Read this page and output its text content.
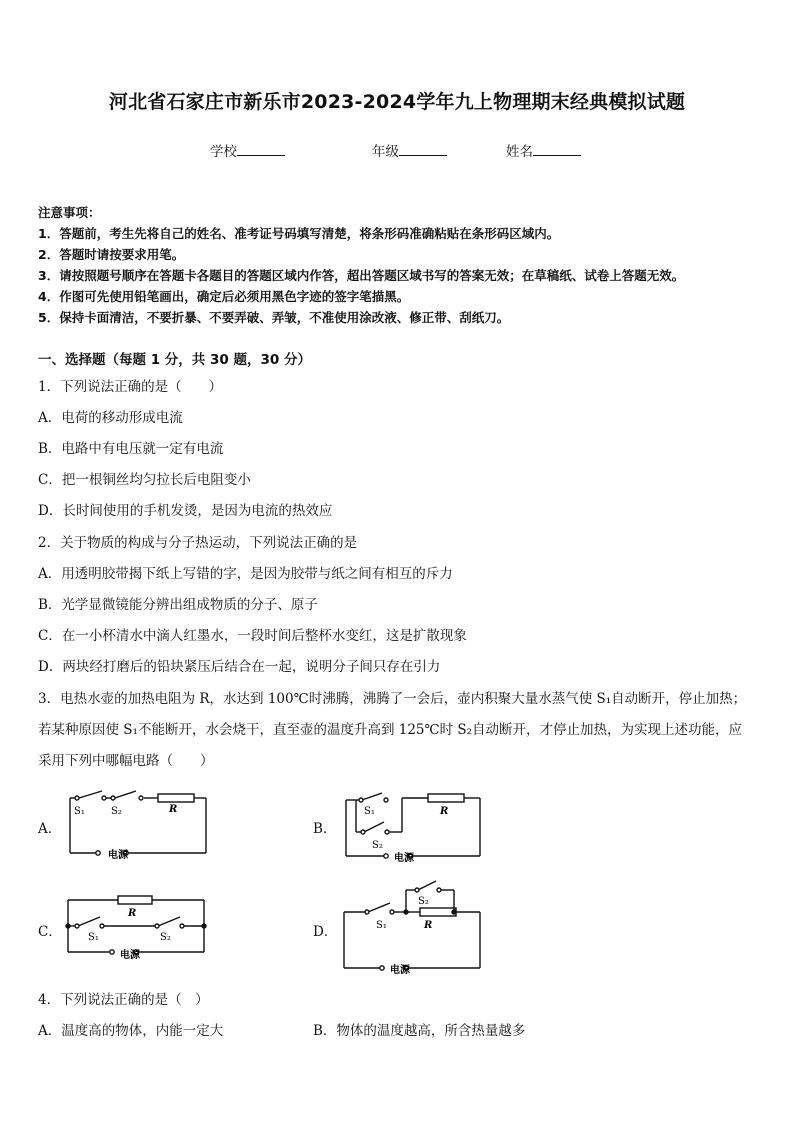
河北省石家庄市新乐市2023-2024学年九上物理期末经典模拟试题
学校	年级	姓名
注意事项：
1．答题前，考生先将自己的姓名、准考证号码填写清楚，将条形码准确粘贴在条形码区域内。
2．答题时请按要求用笔。
3．请按照题号顺序在答题卡各题目的答题区域内作答，超出答题区域书写的答案无效；在草稿纸、试卷上答题无效。
4．作图可先使用铅笔画出，确定后必须用黑色字迹的签字笔描黑。
5．保持卡面清洁，不要折暴、不要弄破、弄皱，不准使用涂改液、修正带、刮纸刀。
一、选择题（每题 1 分，共 30 题，30 分）
1．下列说法正确的是（　　）
A．电荷的移动形成电流
B．电路中有电压就一定有电流
C．把一根铜丝均匀拉长后电阻变小
D．长时间使用的手机发烫，是因为电流的热效应
2．关于物质的构成与分子热运动，下列说法正确的是
A．用透明胶带揭下纸上写错的字，是因为胶带与纸之间有相互的斥力
B．光学显微镜能分辨出组成物质的分子、原子
C．在一小杯清水中滴人红墨水，一段时间后整杯水变红，这是扩散现象
D．两块经打磨后的铅块紧压后结合在一起，说明分子间只存在引力
3．电热水壶的加热电阻为 R，水达到 100℃时沸腾，沸腾了一会后，壶内积聚大量水蒸气使 S₁自动断开，停止加热；
若某种原因使 S₁不能断开，水会烧干，直至壶的温度升高到 125℃时 S₂自动断开，才停止加热，为实现上述功能，应
采用下列中哪幅电路（　　）
A．	B．
C．	D．
S₁	S₂	R
电源
S₁
S₂
R
电源
R
S₁	S₂
电源
S₂
S₁	R
电源
4．下列说法正确的是（　）
A．温度高的物体，内能一定大	B．物体的温度越高，所含热量越多
